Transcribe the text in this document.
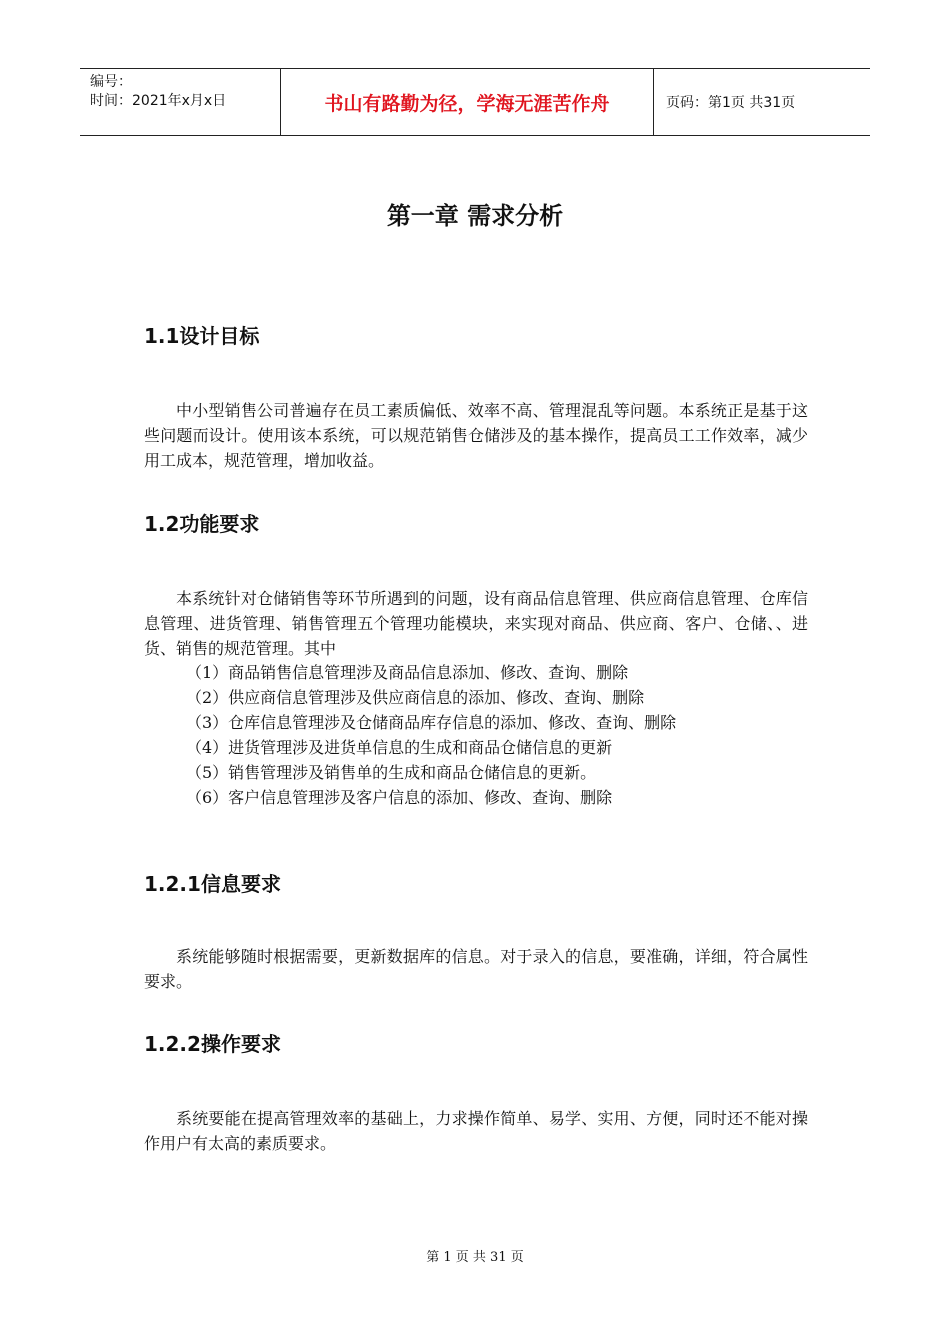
编号：
时间：2021年x月x日	书山有路勤为径，学海无涯苦作舟	页码：第1页 共31页
第一章 需求分析
1.1设计目标
中小型销售公司普遍存在员工素质偏低、效率不高、管理混乱等问题。本系统正是基于这些问题而设计。使用该本系统，可以规范销售仓储涉及的基本操作，提高员工工作效率，减少用工成本，规范管理，增加收益。
1.2功能要求
本系统针对仓储销售等环节所遇到的问题，设有商品信息管理、供应商信息管理、仓库信息管理、进货管理、销售管理五个管理功能模块，来实现对商品、供应商、客户、仓储、、进货、销售的规范管理。其中
（1）商品销售信息管理涉及商品信息添加、修改、查询、删除
（2）供应商信息管理涉及供应商信息的添加、修改、查询、删除
（3）仓库信息管理涉及仓储商品库存信息的添加、修改、查询、删除
（4）进货管理涉及进货单信息的生成和商品仓储信息的更新
（5）销售管理涉及销售单的生成和商品仓储信息的更新。
（6）客户信息管理涉及客户信息的添加、修改、查询、删除
1.2.1信息要求
系统能够随时根据需要，更新数据库的信息。对于录入的信息，要准确，详细，符合属性要求。
1.2.2操作要求
系统要能在提高管理效率的基础上，力求操作简单、易学、实用、方便，同时还不能对操作用户有太高的素质要求。
第 1 页 共 31 页
